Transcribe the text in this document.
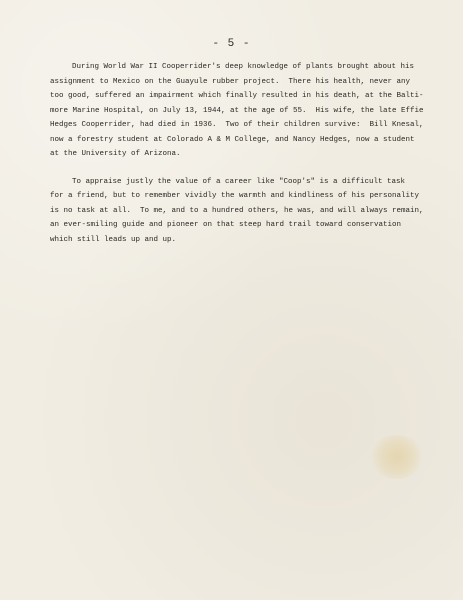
- 5 -
During World War II Cooperrider's deep knowledge of plants brought about his
assignment to Mexico on the Guayule rubber project.  There his health, never any
too good, suffered an impairment which finally resulted in his death, at the Balti-
more Marine Hospital, on July 13, 1944, at the age of 55.  His wife, the late Effie
Hedges Cooperrider, had died in 1936.  Two of their children survive:  Bill Knesal,
now a forestry student at Colorado A & M College, and Nancy Hedges, now a student
at the University of Arizona.
To appraise justly the value of a career like "Coop's" is a difficult task
for a friend, but to remember vividly the warmth and kindliness of his personality
is no task at all.  To me, and to a hundred others, he was, and will always remain,
an ever-smiling guide and pioneer on that steep hard trail toward conservation
which still leads up and up.
